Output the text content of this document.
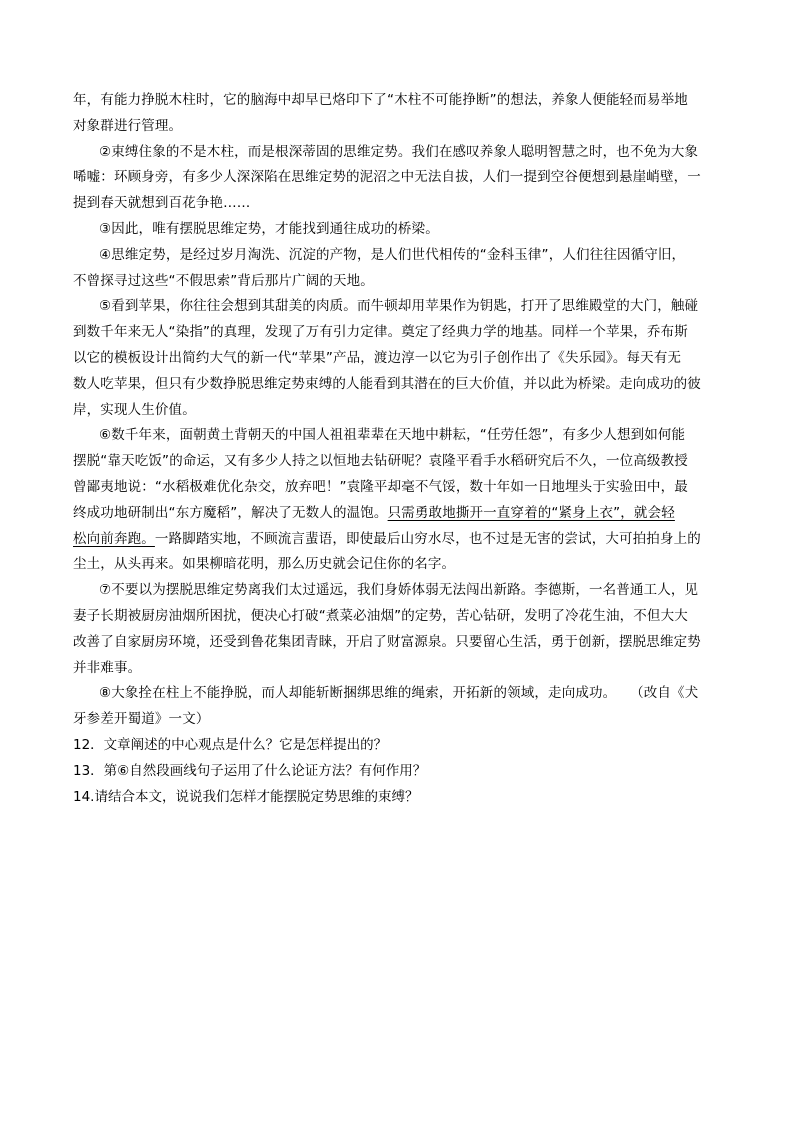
年，有能力挣脱木柱时，它的脑海中却早已烙印下了“木柱不可能挣断”的想法，养象人便能轻而易举地
对象群进行管理。
②束缚住象的不是木柱，而是根深蒂固的思维定势。我们在感叹养象人聪明智慧之时，也不免为大象
唏嘘：环顾身旁，有多少人深深陷在思维定势的泥沼之中无法自拔，人们一提到空谷便想到悬崖峭壁，一
提到春天就想到百花争艳……
③因此，唯有摆脱思维定势，才能找到通往成功的桥梁。
④思维定势，是经过岁月淘洗、沉淀的产物，是人们世代相传的“金科玉律”，人们往往因循守旧，
不曾探寻过这些“不假思索”背后那片广阔的天地。
⑤看到苹果，你往往会想到其甜美的肉质。而牛顿却用苹果作为钥匙，打开了思维殿堂的大门，触碰
到数千年来无人“染指”的真理，发现了万有引力定律。奠定了经典力学的地基。同样一个苹果，乔布斯
以它的模板设计出简约大气的新一代“苹果”产品，渡边淳一以它为引子创作出了《失乐园》。每天有无
数人吃苹果，但只有少数挣脱思维定势束缚的人能看到其潜在的巨大价值，并以此为桥梁。走向成功的彼
岸，实现人生价值。
⑥数千年来，面朝黄土背朝天的中国人祖祖辈辈在天地中耕耘，“任劳任怨”，有多少人想到如何能
摆脱“靠天吃饭”的命运，又有多少人持之以恒地去钻研呢？袁隆平看手水稻研究后不久，一位高级教授
曾鄙夷地说：“水稻极难优化杂交，放弃吧！”袁隆平却毫不气馁，数十年如一日地埋头于实验田中，最
终成功地研制出“东方魔稻”，解决了无数人的温饱。只需勇敢地撕开一直穿着的“紧身上衣”，就会轻
松向前奔跑。一路脚踏实地，不顾流言蜚语，即使最后山穷水尽，也不过是无害的尝试，大可拍拍身上的
尘土，从头再来。如果柳暗花明，那么历史就会记住你的名字。
⑦不要以为摆脱思维定势离我们太过遥远，我们身娇体弱无法闯出新路。李德斯，一名普通工人，见
妻子长期被厨房油烟所困扰，便决心打破“煮菜必油烟”的定势，苦心钻研，发明了冷花生油，不但大大
改善了自家厨房环境，还受到鲁花集团青睐，开启了财富源泉。只要留心生活，勇于创新，摆脱思维定势
并非难事。
⑧大象拴在柱上不能挣脱，而人却能斩断捆绑思维的绳索，开拓新的领域，走向成功。　　（改自《犬
牙参差开蜀道》一文）
12．文章阐述的中心观点是什么？它是怎样提出的？
13．第⑥自然段画线句子运用了什么论证方法？有何作用？
14.请结合本文，说说我们怎样才能摆脱定势思维的束缚？
